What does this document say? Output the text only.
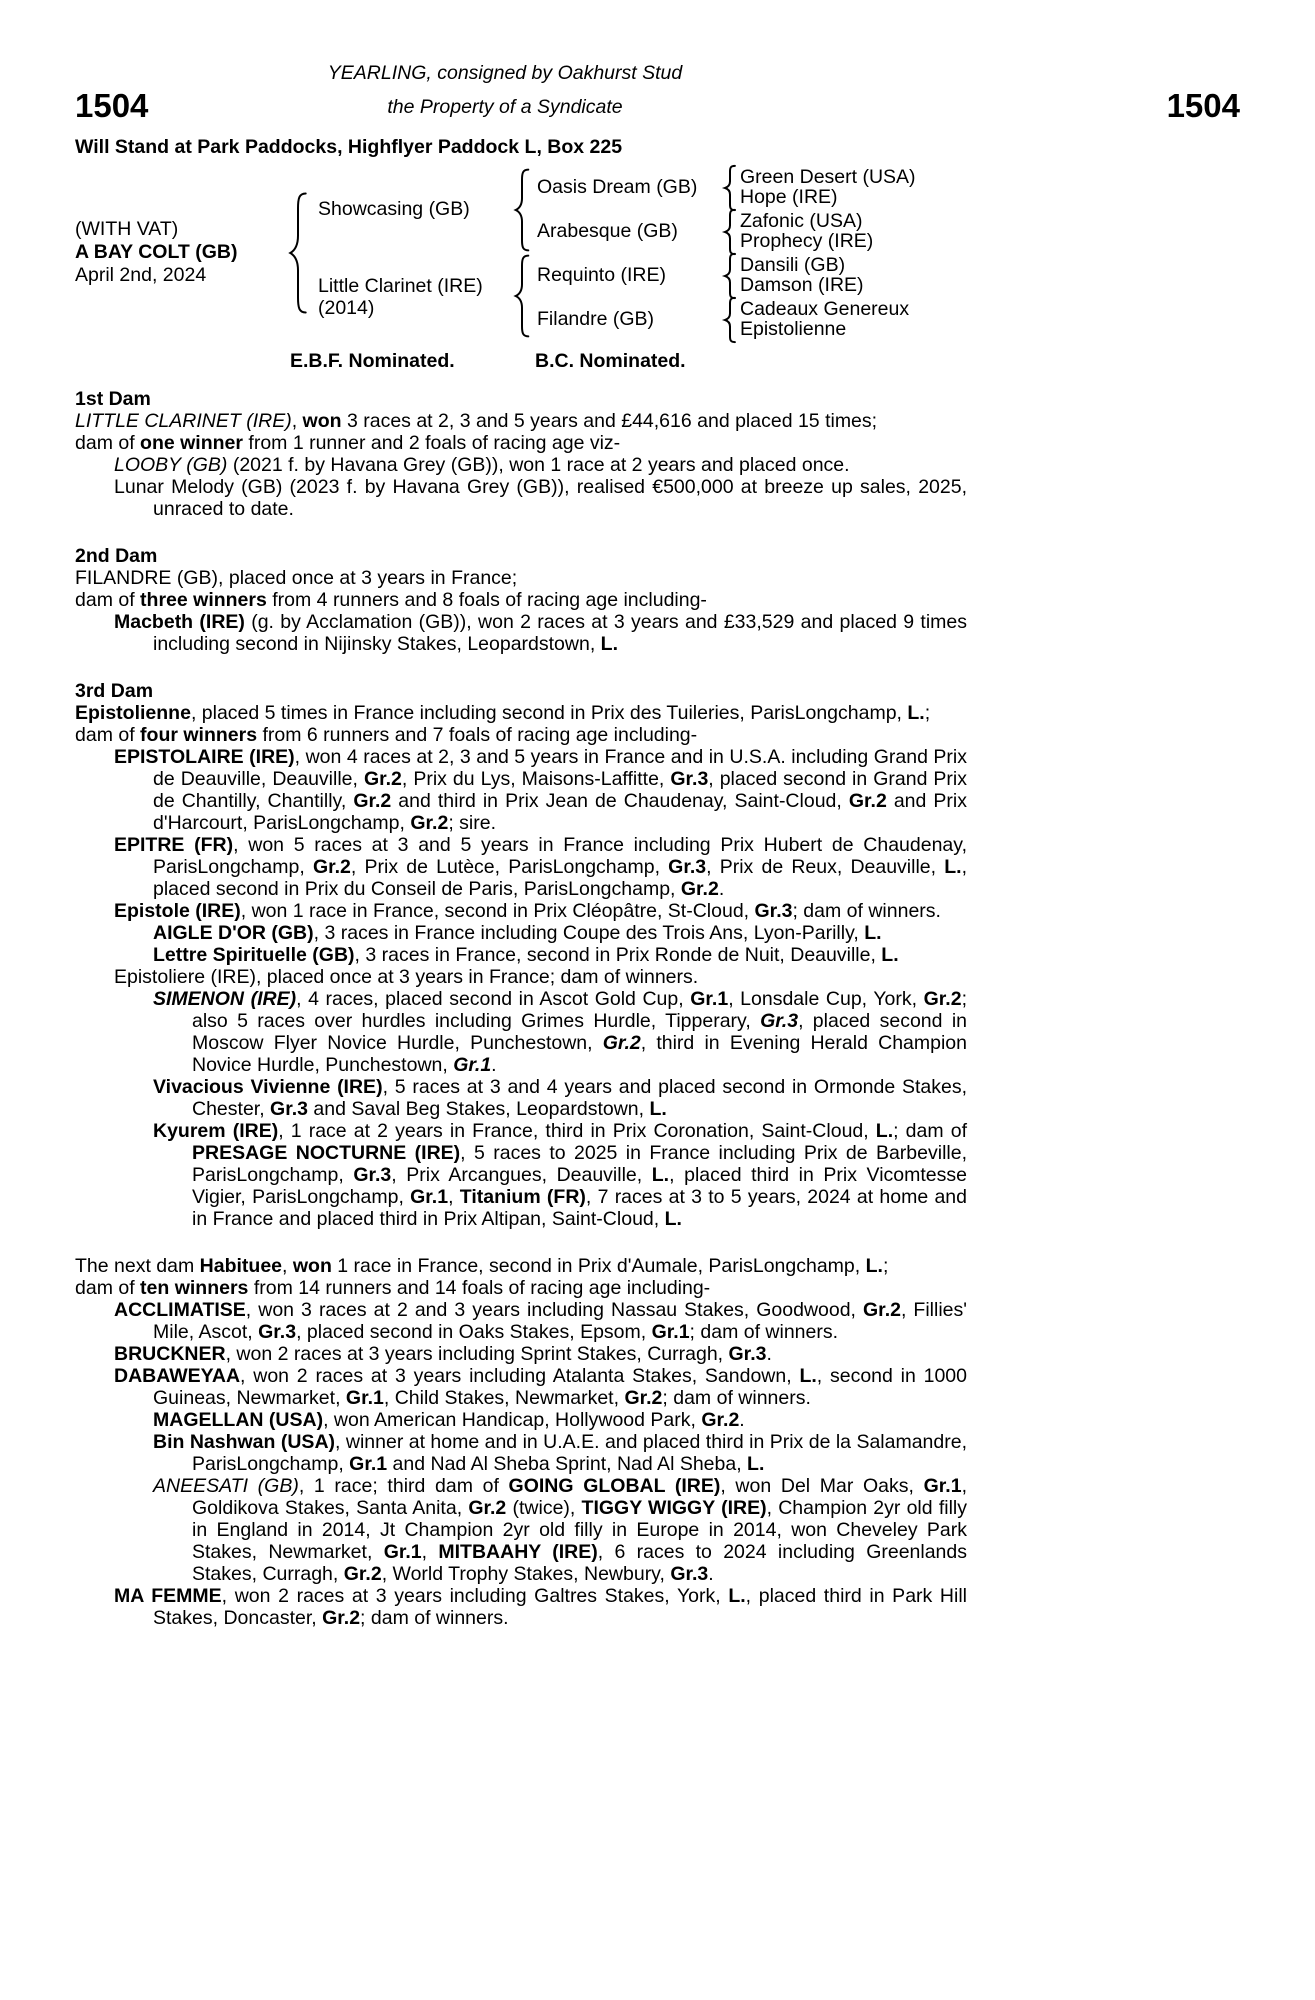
YEARLING, consigned by Oakhurst Stud
1504	the Property of a Syndicate	1504
Will Stand at Park Paddocks, Highflyer Paddock L, Box 225
(WITH VAT)
A BAY COLT (GB)
April 2nd, 2024
Showcasing (GB)
Little Clarinet (IRE)
(2014)
Oasis Dream (GB)
Arabesque (GB)
Requinto (IRE)
Filandre (GB)
Green Desert (USA)
Hope (IRE)
Zafonic (USA)
Prophecy (IRE)
Dansili (GB)
Damson (IRE)
Cadeaux Genereux
Epistolienne
E.B.F. Nominated.	B.C. Nominated.
1st Dam
LITTLE CLARINET (IRE), won 3 races at 2, 3 and 5 years and £44,616 and placed 15 times;
dam of one winner from 1 runner and 2 foals of racing age viz-
LOOBY (GB) (2021 f. by Havana Grey (GB)), won 1 race at 2 years and placed once.
Lunar Melody (GB) (2023 f. by Havana Grey (GB)), realised €500,000 at breeze up sales, 2025, unraced to date.
2nd Dam
FILANDRE (GB), placed once at 3 years in France;
dam of three winners from 4 runners and 8 foals of racing age including-
Macbeth (IRE) (g. by Acclamation (GB)), won 2 races at 3 years and £33,529 and placed 9 times including second in Nijinsky Stakes, Leopardstown, L.
3rd Dam
Epistolienne, placed 5 times in France including second in Prix des Tuileries, ParisLongchamp, L.;
dam of four winners from 6 runners and 7 foals of racing age including-
EPISTOLAIRE (IRE), won 4 races at 2, 3 and 5 years in France and in U.S.A. including Grand Prix de Deauville, Deauville, Gr.2, Prix du Lys, Maisons-Laffitte, Gr.3, placed second in Grand Prix de Chantilly, Chantilly, Gr.2 and third in Prix Jean de Chaudenay, Saint-Cloud, Gr.2 and Prix d'Harcourt, ParisLongchamp, Gr.2; sire.
EPITRE (FR), won 5 races at 3 and 5 years in France including Prix Hubert de Chaudenay, ParisLongchamp, Gr.2, Prix de Lutèce, ParisLongchamp, Gr.3, Prix de Reux, Deauville, L., placed second in Prix du Conseil de Paris, ParisLongchamp, Gr.2.
Epistole (IRE), won 1 race in France, second in Prix Cléopâtre, St-Cloud, Gr.3; dam of winners.
AIGLE D'OR (GB), 3 races in France including Coupe des Trois Ans, Lyon-Parilly, L.
Lettre Spirituelle (GB), 3 races in France, second in Prix Ronde de Nuit, Deauville, L.
Epistoliere (IRE), placed once at 3 years in France; dam of winners.
SIMENON (IRE), 4 races, placed second in Ascot Gold Cup, Gr.1, Lonsdale Cup, York, Gr.2; also 5 races over hurdles including Grimes Hurdle, Tipperary, Gr.3, placed second in Moscow Flyer Novice Hurdle, Punchestown, Gr.2, third in Evening Herald Champion Novice Hurdle, Punchestown, Gr.1.
Vivacious Vivienne (IRE), 5 races at 3 and 4 years and placed second in Ormonde Stakes, Chester, Gr.3 and Saval Beg Stakes, Leopardstown, L.
Kyurem (IRE), 1 race at 2 years in France, third in Prix Coronation, Saint-Cloud, L.; dam of PRESAGE NOCTURNE (IRE), 5 races to 2025 in France including Prix de Barbeville, ParisLongchamp, Gr.3, Prix Arcangues, Deauville, L., placed third in Prix Vicomtesse Vigier, ParisLongchamp, Gr.1, Titanium (FR), 7 races at 3 to 5 years, 2024 at home and in France and placed third in Prix Altipan, Saint-Cloud, L.
The next dam Habituee, won 1 race in France, second in Prix d'Aumale, ParisLongchamp, L.;
dam of ten winners from 14 runners and 14 foals of racing age including-
ACCLIMATISE, won 3 races at 2 and 3 years including Nassau Stakes, Goodwood, Gr.2, Fillies' Mile, Ascot, Gr.3, placed second in Oaks Stakes, Epsom, Gr.1; dam of winners.
BRUCKNER, won 2 races at 3 years including Sprint Stakes, Curragh, Gr.3.
DABAWEYAA, won 2 races at 3 years including Atalanta Stakes, Sandown, L., second in 1000 Guineas, Newmarket, Gr.1, Child Stakes, Newmarket, Gr.2; dam of winners.
MAGELLAN (USA), won American Handicap, Hollywood Park, Gr.2.
Bin Nashwan (USA), winner at home and in U.A.E. and placed third in Prix de la Salamandre, ParisLongchamp, Gr.1 and Nad Al Sheba Sprint, Nad Al Sheba, L.
ANEESATI (GB), 1 race; third dam of GOING GLOBAL (IRE), won Del Mar Oaks, Gr.1, Goldikova Stakes, Santa Anita, Gr.2 (twice), TIGGY WIGGY (IRE), Champion 2yr old filly in England in 2014, Jt Champion 2yr old filly in Europe in 2014, won Cheveley Park Stakes, Newmarket, Gr.1, MITBAAHY (IRE), 6 races to 2024 including Greenlands Stakes, Curragh, Gr.2, World Trophy Stakes, Newbury, Gr.3.
MA FEMME, won 2 races at 3 years including Galtres Stakes, York, L., placed third in Park Hill Stakes, Doncaster, Gr.2; dam of winners.
